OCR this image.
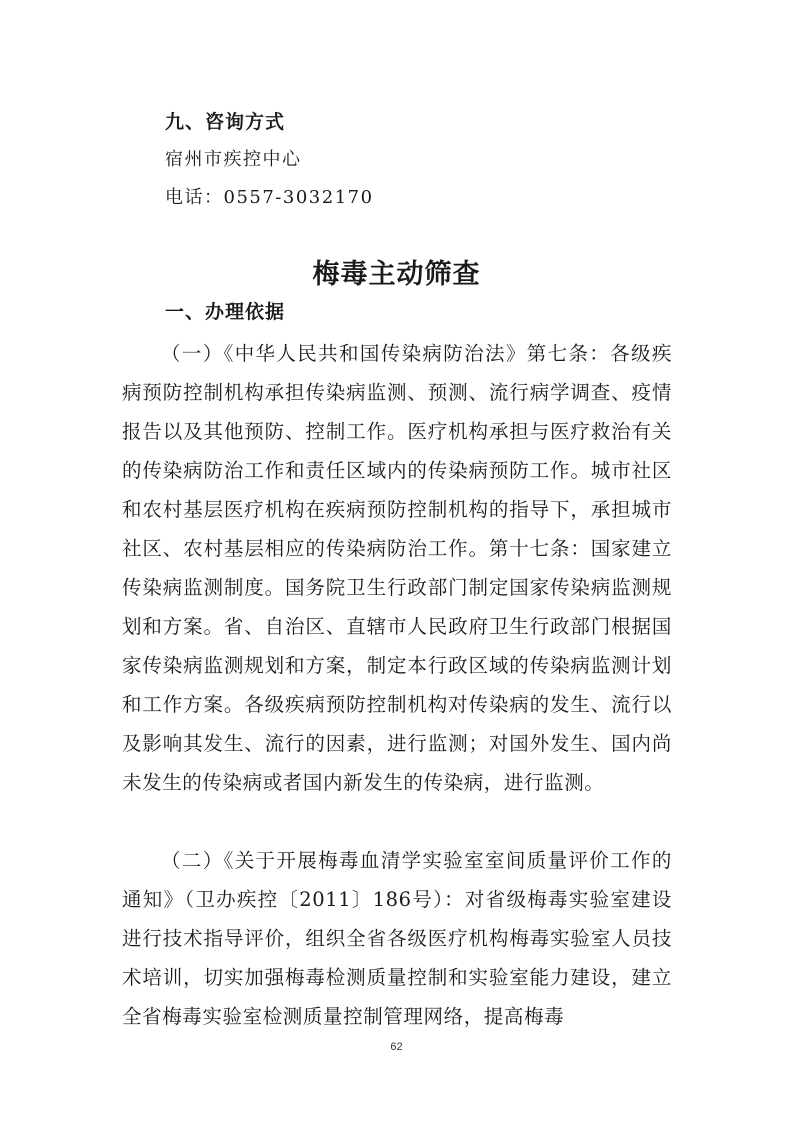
九、咨询方式
宿州市疾控中心
电话：0557-3032170
梅毒主动筛查
一、办理依据
（一）《中华人民共和国传染病防治法》第七条：各级疾病预防控制机构承担传染病监测、预测、流行病学调查、疫情报告以及其他预防、控制工作。医疗机构承担与医疗救治有关的传染病防治工作和责任区域内的传染病预防工作。城市社区和农村基层医疗机构在疾病预防控制机构的指导下，承担城市社区、农村基层相应的传染病防治工作。第十七条：国家建立传染病监测制度。国务院卫生行政部门制定国家传染病监测规划和方案。省、自治区、直辖市人民政府卫生行政部门根据国家传染病监测规划和方案，制定本行政区域的传染病监测计划和工作方案。各级疾病预防控制机构对传染病的发生、流行以及影响其发生、流行的因素，进行监测；对国外发生、国内尚未发生的传染病或者国内新发生的传染病，进行监测。
（二）《关于开展梅毒血清学实验室室间质量评价工作的通知》（卫办疾控〔2011〕186号）：对省级梅毒实验室建设进行技术指导评价，组织全省各级医疗机构梅毒实验室人员技术培训，切实加强梅毒检测质量控制和实验室能力建设，建立全省梅毒实验室检测质量控制管理网络，提高梅毒
62
